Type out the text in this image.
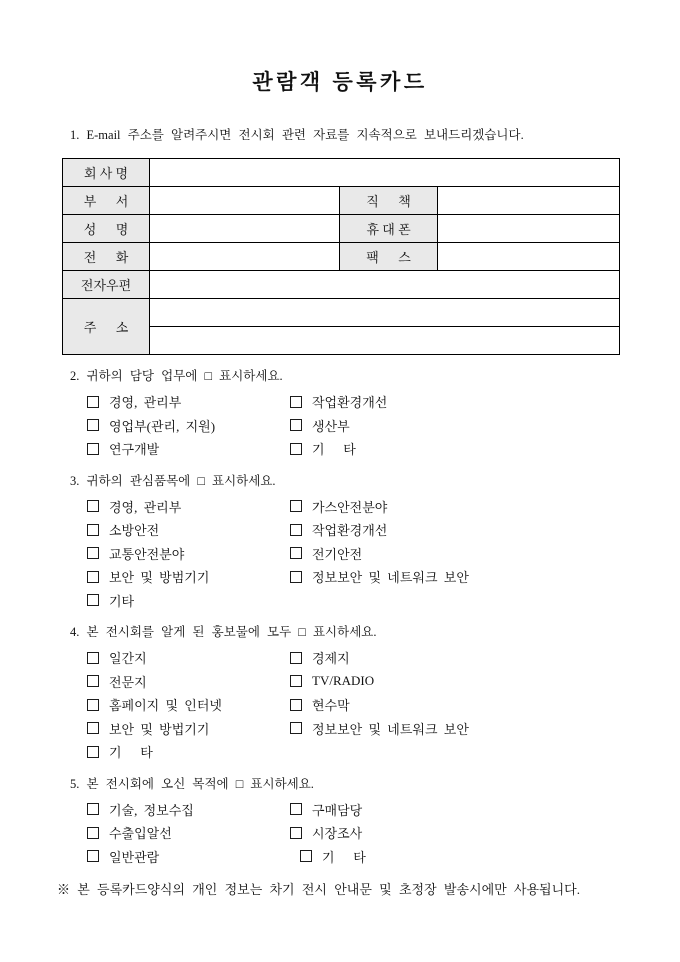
관람객 등록카드
1. E-mail 주소를 알려주시면 전시회 관련 자료를 지속적으로 보내드리겠습니다.
회 사 명			
부      서		직      책	
성      명		휴 대 폰	
전      화		팩      스	
전자우편			
주      소			

2. 귀하의 담당 업무에 □ 표시하세요.
경영, 관리부	작업환경개선
영업부(관리, 지원)	생산부
연구개발	기   타
3. 귀하의 관심품목에 □ 표시하세요.
경영, 관리부	가스안전분야
소방안전	작업환경개선
교통안전분야	전기안전
보안 및 방범기기	정보보안 및 네트워크 보안
기타
4. 본 전시회를 알게 된 홍보물에 모두 □ 표시하세요.
일간지	경제지
전문지	TV/RADIO
홈페이지 및 인터넷	현수막
보안 및 방법기기	정보보안 및 네트워크 보안
기   타
5. 본 전시회에 오신 목적에 □ 표시하세요.
기술, 정보수집	구매담당
수출입알선	시장조사
일반관람	기   타
※ 본 등록카드양식의 개인 정보는 차기 전시 안내문 및 초정장 발송시에만 사용됩니다.
